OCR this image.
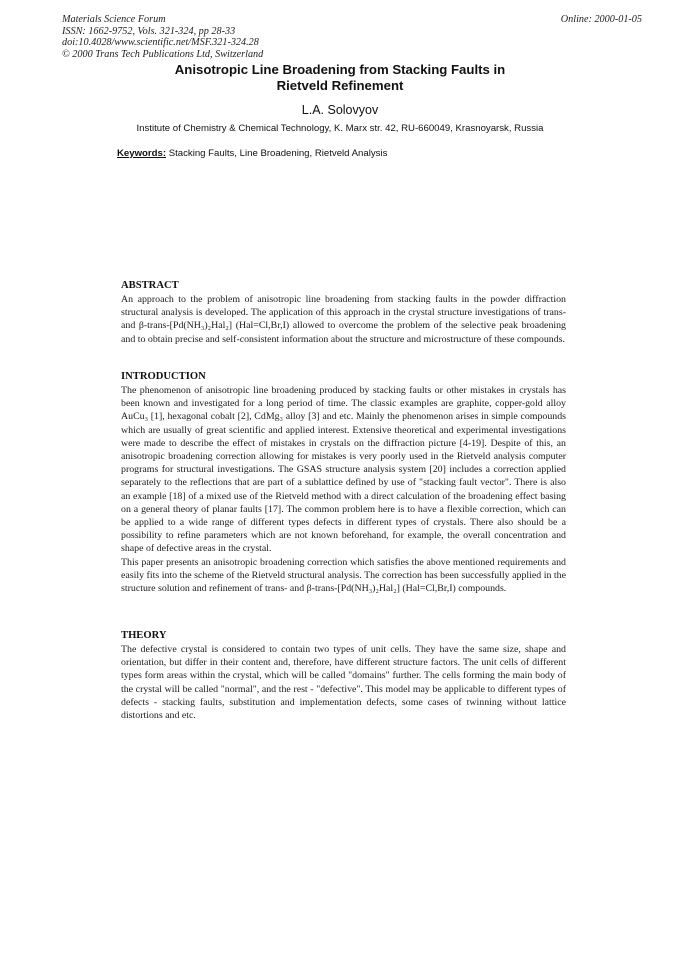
Materials Science Forum
ISSN: 1662-9752, Vols. 321-324, pp 28-33
doi:10.4028/www.scientific.net/MSF.321-324.28
© 2000 Trans Tech Publications Ltd, Switzerland
Online: 2000-01-05
Anisotropic Line Broadening from Stacking Faults in
Rietveld Refinement
L.A. Solovyov
Institute of Chemistry & Chemical Technology, K. Marx str. 42, RU-660049, Krasnoyarsk, Russia
Keywords: Stacking Faults, Line Broadening, Rietveld Analysis
ABSTRACT

An approach to the problem of anisotropic line broadening from stacking faults in the powder diffraction structural analysis is developed. The application of this approach in the crystal structure investigations of trans- and β-trans-[Pd(NH₃)₂Hal₂] (Hal=Cl,Br,I) allowed to overcome the problem of the selective peak broadening and to obtain precise and self-consistent information about the structure and microstructure of these compounds.

INTRODUCTION

The phenomenon of anisotropic line broadening produced by stacking faults or other mistakes in crystals has been known and investigated for a long period of time. The classic examples are graphite, copper-gold alloy AuCu₃ [1], hexagonal cobalt [2], CdMg₃ alloy [3] and etc. Mainly the phenomenon arises in simple compounds which are usually of great scientific and applied interest. Extensive theoretical and experimental investigations were made to describe the effect of mistakes in crystals on the diffraction picture [4-19]. Despite of this, an anisotropic broadening correction allowing for mistakes is very poorly used in the Rietveld analysis computer programs for structural investigations. The GSAS structure analysis system [20] includes a correction applied separately to the reflections that are part of a sublattice defined by use of "stacking fault vector". There is also an example [18] of a mixed use of the Rietveld method with a direct calculation of the broadening effect basing on a general theory of planar faults [17]. The common problem here is to have a flexible correction, which can be applied to a wide range of different types defects in different types of crystals. There also should be a possibility to refine parameters which are not known beforehand, for example, the overall concentration and shape of defective areas in the crystal.

This paper presents an anisotropic broadening correction which satisfies the above mentioned requirements and easily fits into the scheme of the Rietveld structural analysis. The correction has been successfully applied in the structure solution and refinement of trans- and β-trans-[Pd(NH₃)₂Hal₂] (Hal=Cl,Br,I) compounds.

THEORY

The defective crystal is considered to contain two types of unit cells. They have the same size, shape and orientation, but differ in their content and, therefore, have different structure factors. The unit cells of different types form areas within the crystal, which will be called "domains" further. The cells forming the main body of the crystal will be called "normal", and the rest - "defective". This model may be applicable to different types of defects - stacking faults, substitution and implementation defects, some cases of twinning without lattice distortions and etc.
